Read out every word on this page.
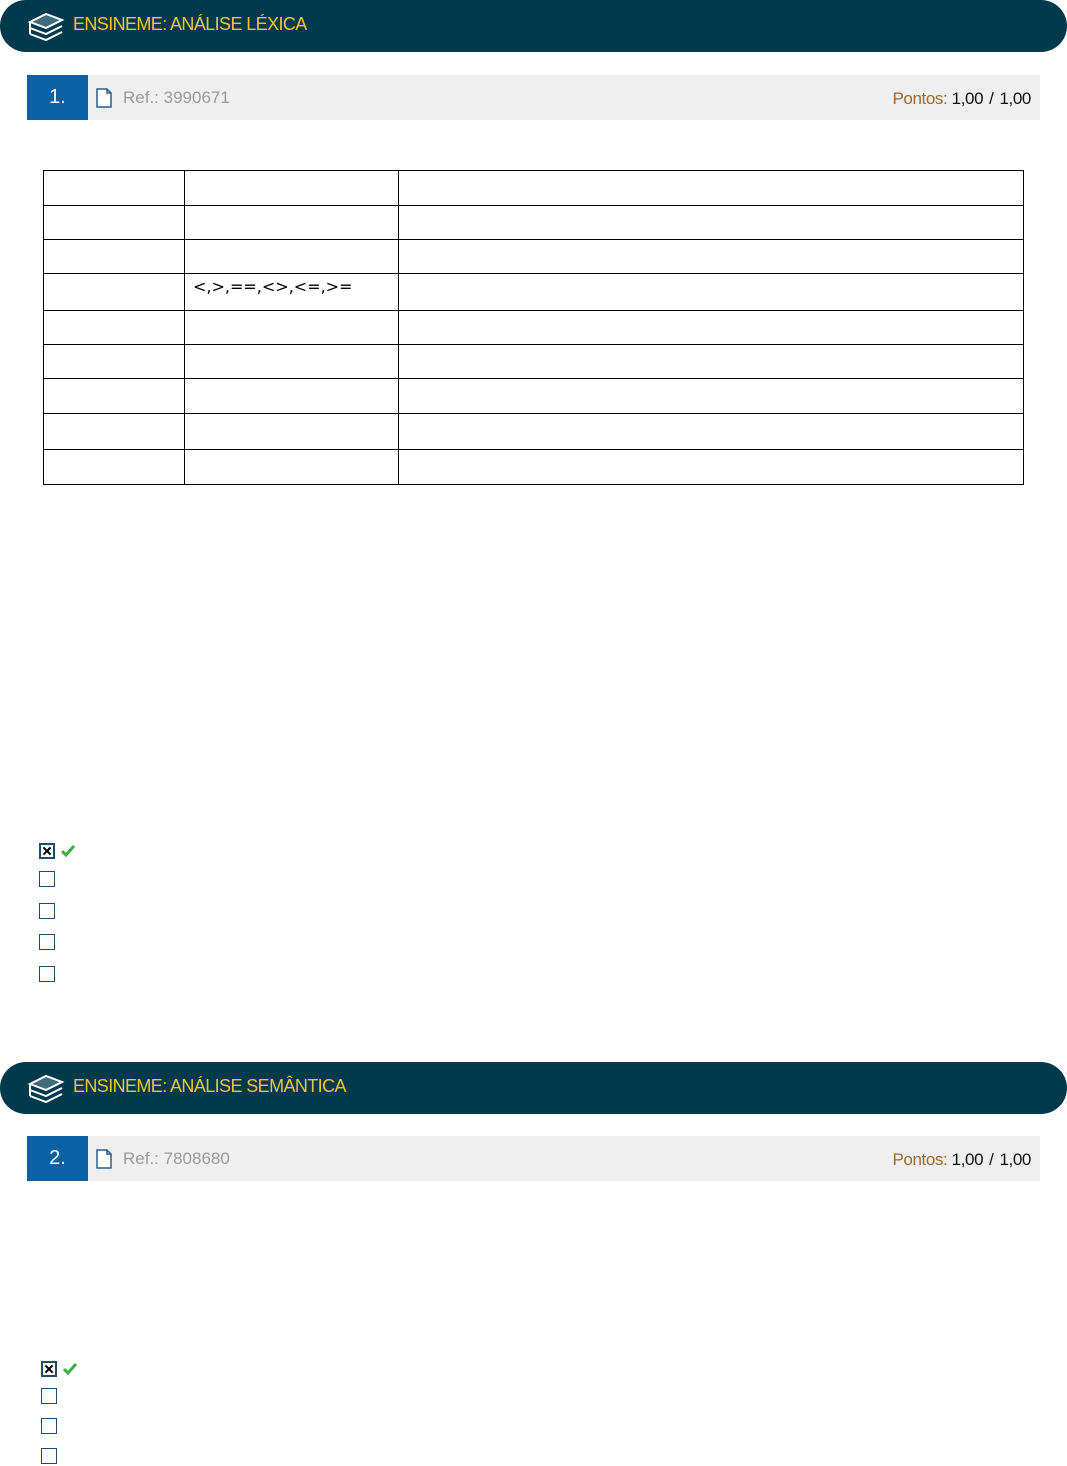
ENSINEME: ANÁLISE LÉXICA
1.	Ref.: 3990671	Pontos: 1,00 / 1,00

	<,>,==,<>,<=,>=	

ENSINEME: ANÁLISE SEMÂNTICA
2.	Ref.: 7808680	Pontos: 1,00 / 1,00
